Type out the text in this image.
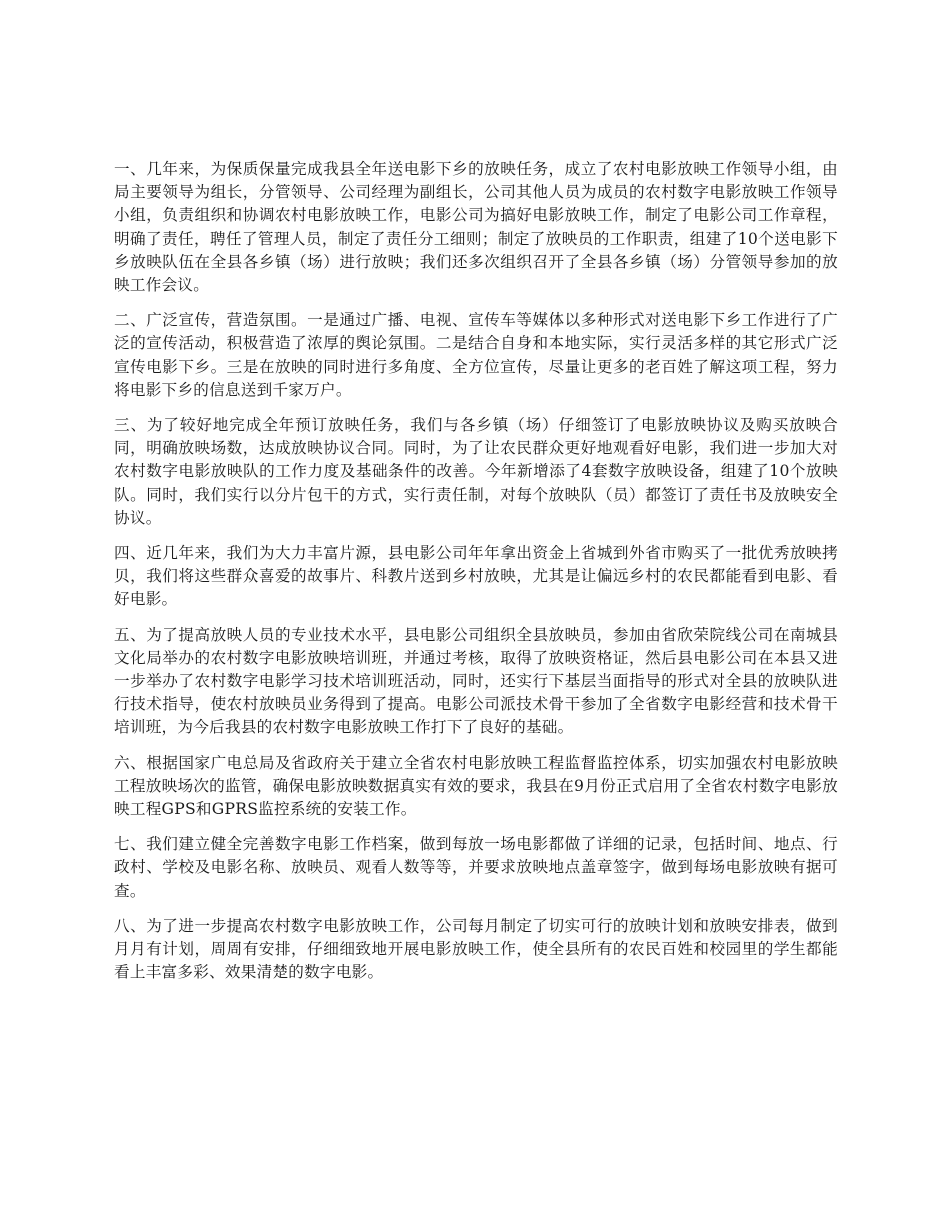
一、几年来，为保质保量完成我县全年送电影下乡的放映任务，成立了农村电影放映工作领导小组，由局主要领导为组长，分管领导、公司经理为副组长，公司其他人员为成员的农村数字电影放映工作领导小组，负责组织和协调农村电影放映工作，电影公司为搞好电影放映工作，制定了电影公司工作章程，明确了责任，聘任了管理人员，制定了责任分工细则；制定了放映员的工作职责，组建了10个送电影下乡放映队伍在全县各乡镇（场）进行放映；我们还多次组织召开了全县各乡镇（场）分管领导参加的放映工作会议。

二、广泛宣传，营造氛围。一是通过广播、电视、宣传车等媒体以多种形式对送电影下乡工作进行了广泛的宣传活动，积极营造了浓厚的舆论氛围。二是结合自身和本地实际，实行灵活多样的其它形式广泛宣传电影下乡。三是在放映的同时进行多角度、全方位宣传，尽量让更多的老百姓了解这项工程，努力将电影下乡的信息送到千家万户。

三、为了较好地完成全年预订放映任务，我们与各乡镇（场）仔细签订了电影放映协议及购买放映合同，明确放映场数，达成放映协议合同。同时，为了让农民群众更好地观看好电影，我们进一步加大对农村数字电影放映队的工作力度及基础条件的改善。今年新增添了4套数字放映设备，组建了10个放映队。同时，我们实行以分片包干的方式，实行责任制，对每个放映队（员）都签订了责任书及放映安全协议。

四、近几年来，我们为大力丰富片源，县电影公司年年拿出资金上省城到外省市购买了一批优秀放映拷贝，我们将这些群众喜爱的故事片、科教片送到乡村放映，尤其是让偏远乡村的农民都能看到电影、看好电影。

五、为了提高放映人员的专业技术水平，县电影公司组织全县放映员，参加由省欣荣院线公司在南城县文化局举办的农村数字电影放映培训班，并通过考核，取得了放映资格证，然后县电影公司在本县又进一步举办了农村数字电影学习技术培训班活动，同时，还实行下基层当面指导的形式对全县的放映队进行技术指导，使农村放映员业务得到了提高。电影公司派技术骨干参加了全省数字电影经营和技术骨干培训班，为今后我县的农村数字电影放映工作打下了良好的基础。

六、根据国家广电总局及省政府关于建立全省农村电影放映工程监督监控体系，切实加强农村电影放映工程放映场次的监管，确保电影放映数据真实有效的要求，我县在9月份正式启用了全省农村数字电影放映工程GPS和GPRS监控系统的安装工作。

七、我们建立健全完善数字电影工作档案，做到每放一场电影都做了详细的记录，包括时间、地点、行政村、学校及电影名称、放映员、观看人数等等，并要求放映地点盖章签字，做到每场电影放映有据可查。

八、为了进一步提高农村数字电影放映工作，公司每月制定了切实可行的放映计划和放映安排表，做到月月有计划，周周有安排，仔细细致地开展电影放映工作，使全县所有的农民百姓和校园里的学生都能看上丰富多彩、效果清楚的数字电影。
